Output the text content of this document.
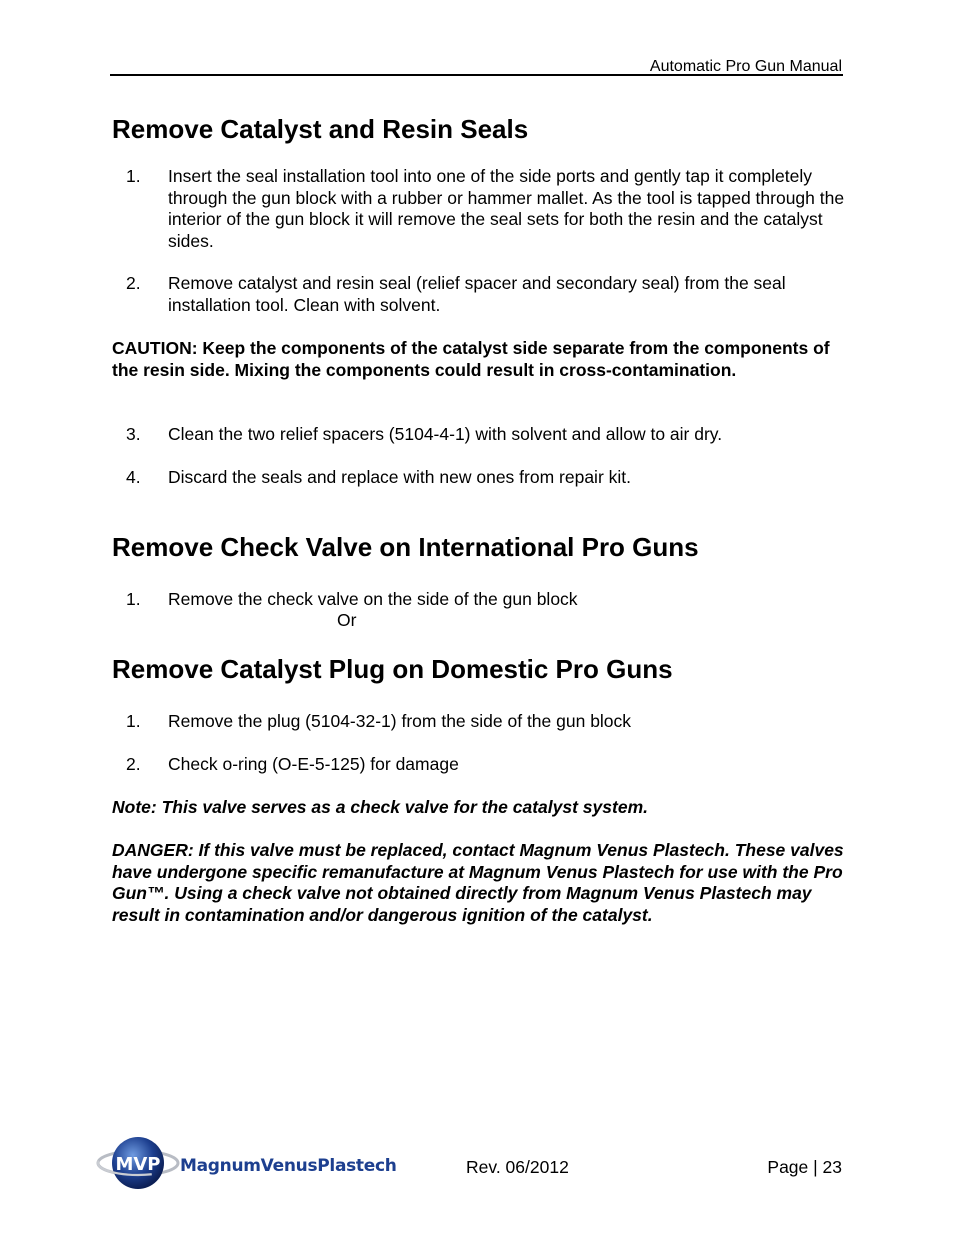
Automatic Pro Gun Manual
Remove Catalyst and Resin Seals
1. Insert the seal installation tool into one of the side ports and gently tap it completely through the gun block with a rubber or hammer mallet. As the tool is tapped through the interior of the gun block it will remove the seal sets for both the resin and the catalyst sides.
2. Remove catalyst and resin seal (relief spacer and secondary seal) from the seal installation tool. Clean with solvent.
CAUTION: Keep the components of the catalyst side separate from the components of the resin side. Mixing the components could result in cross-contamination.
3. Clean the two relief spacers (5104-4-1) with solvent and allow to air dry.
4. Discard the seals and replace with new ones from repair kit.
Remove Check Valve on International Pro Guns
1. Remove the check valve on the side of the gun block
Or
Remove Catalyst Plug on Domestic Pro Guns
1. Remove the plug (5104-32-1) from the side of the gun block
2. Check o-ring (O-E-5-125) for damage
Note: This valve serves as a check valve for the catalyst system.
DANGER: If this valve must be replaced, contact Magnum Venus Plastech. These valves have undergone specific remanufacture at Magnum Venus Plastech for use with the Pro Gun™. Using a check valve not obtained directly from Magnum Venus Plastech may result in contamination and/or dangerous ignition of the catalyst.
MVP MagnumVenusPlastech	Rev. 06/2012	Page | 23
